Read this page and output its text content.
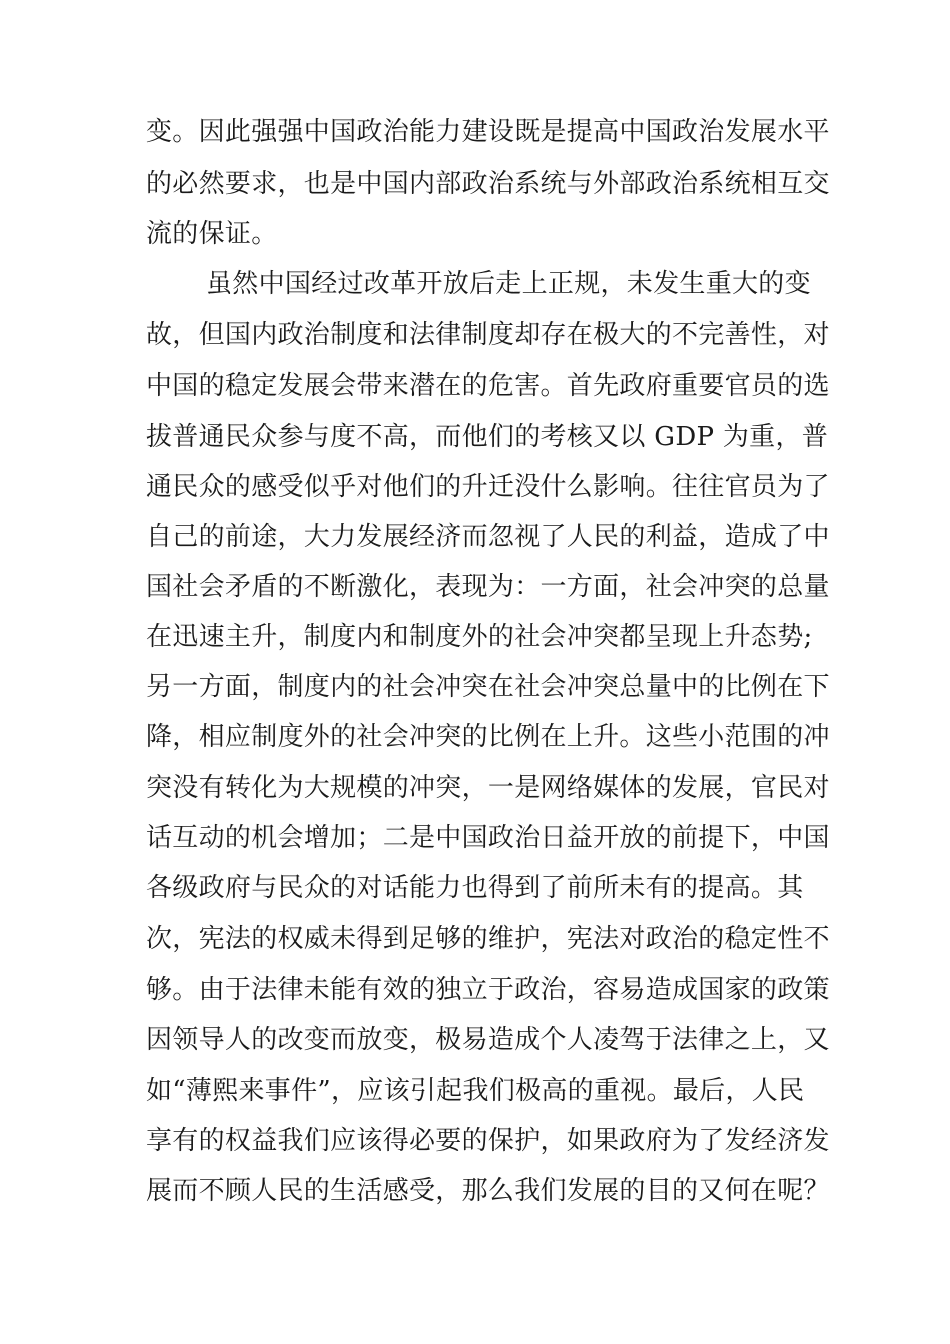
变。因此强强中国政治能力建设既是提高中国政治发展水平
的必然要求，也是中国内部政治系统与外部政治系统相互交
流的保证。
虽然中国经过改革开放后走上正规，未发生重大的变
故，但国内政治制度和法律制度却存在极大的不完善性，对
中国的稳定发展会带来潜在的危害。首先政府重要官员的选
拔普通民众参与度不高，而他们的考核又以 GDP 为重，普
通民众的感受似乎对他们的升迁没什么影响。往往官员为了
自己的前途，大力发展经济而忽视了人民的利益，造成了中
国社会矛盾的不断激化，表现为：一方面，社会冲突的总量
在迅速主升，制度内和制度外的社会冲突都呈现上升态势;
另一方面，制度内的社会冲突在社会冲突总量中的比例在下
降，相应制度外的社会冲突的比例在上升。这些小范围的冲
突没有转化为大规模的冲突，一是网络媒体的发展，官民对
话互动的机会增加；二是中国政治日益开放的前提下，中国
各级政府与民众的对话能力也得到了前所未有的提高。其
次，宪法的权威未得到足够的维护，宪法对政治的稳定性不
够。由于法律未能有效的独立于政治，容易造成国家的政策
因领导人的改变而放变，极易造成个人凌驾于法律之上，又
如“薄熙来事件”，应该引起我们极高的重视。最后，人民
享有的权益我们应该得必要的保护，如果政府为了发经济发
展而不顾人民的生活感受，那么我们发展的目的又何在呢？
